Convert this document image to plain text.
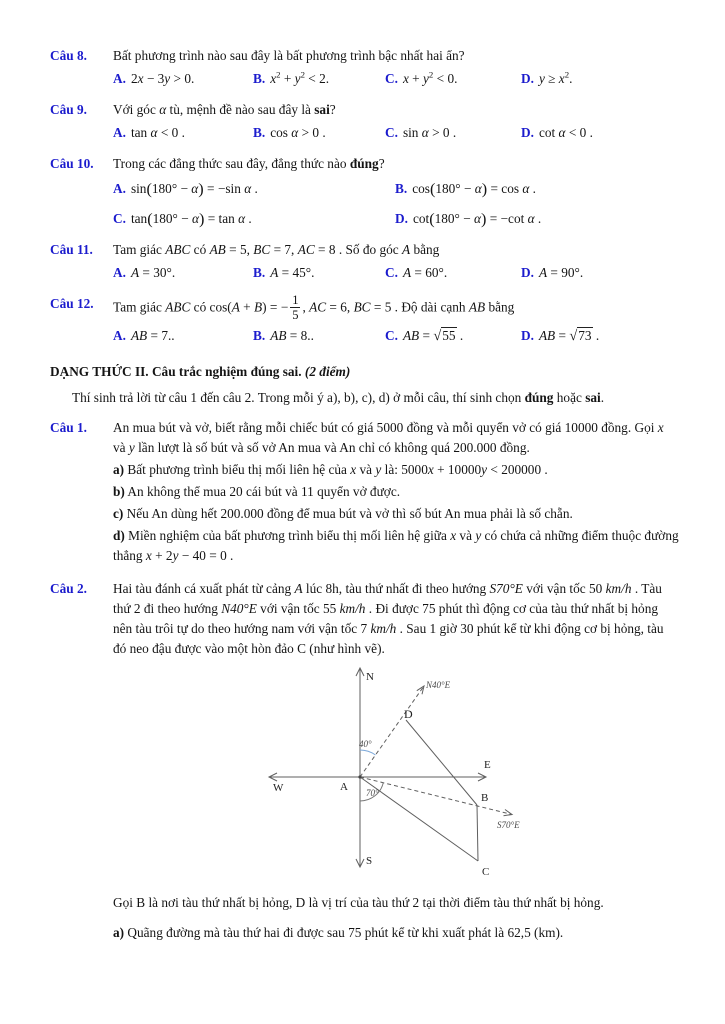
Câu 8.	Bất phương trình nào sau đây là bất phương trình bậc nhất hai ẩn?

A. 2x − 3y > 0.	B. $x^2 + y^2 < 2$.	C. $x + y^2 < 0$.	D. $y \ge x^2$.
Câu 9.	Với góc α tù, mệnh đề nào sau đây là sai?

A. tan α < 0 .	B. cos α > 0 .	C. sin α > 0 .	D. cot α < 0 .
Câu 10.	Trong các đẳng thức sau đây, đẳng thức nào đúng?

A. sin(180° − α) = −sin α .	B. cos(180° − α) = cos α .
C. tan(180° − α) = tan α .	D. cot(180° − α) = −cot α .
Câu 11.	Tam giác ABC có AB = 5, BC = 7, AC = 8 . Số đo góc A bằng

A. A = 30°.	B. A = 45°.	C. A = 60°.	D. A = 90°.
Câu 12.	Tam giác ABC có cos(A + B) = − $\frac{1}{5}$ , AC = 6, BC = 5 . Độ dài cạnh AB bằng

A. AB = 7..	B. AB = 8..	C. AB = √55 .	D. AB = √73 .

DẠNG THỨC II. Câu trắc nghiệm đúng sai. (2 điểm)

Thí sinh trả lời từ câu 1 đến câu 2. Trong mỗi ý a), b), c), d) ở mỗi câu, thí sinh chọn đúng hoặc sai.

Câu 1.	An mua bút và vở, biết rằng mỗi chiếc bút có giá 5000 đồng và mỗi quyển vở có giá 10000 đồng. Gọi x và y lần lượt là số bút và số vở An mua và An chỉ có không quá 200.000 đồng.

a) Bất phương trình biểu thị mối liên hệ của x và y là: 5000x + 10000y < 200000 .

b) An không thể mua 20 cái bút và 11 quyển vở được.

c) Nếu An dùng hết 200.000 đồng để mua bút và vở thì số bút An mua phải là số chẵn.

d) Miền nghiệm của bất phương trình biểu thị mối liên hệ giữa x và y có chứa cả những điểm thuộc đường thẳng x + 2y − 40 = 0 .

Câu 2.	Hai tàu đánh cá xuất phát từ cảng A lúc 8h, tàu thứ nhất đi theo hướng S70°E với vận tốc 50 km/h . Tàu thứ 2 đi theo hướng N40°E với vận tốc 55 km/h . Đi được 75 phút thì động cơ của tàu thứ nhất bị hỏng nên tàu trôi tự do theo hướng nam với vận tốc 7 km/h . Sau 1 giờ 30 phút kể từ khi động cơ bị hỏng, tàu đó neo đậu được vào một hòn đảo C (như hình vẽ).

N
S
E
W	A
B
C
D
40°
70°
N40°E
S70°E

Gọi B là nơi tàu thứ nhất bị hỏng, D là vị trí của tàu thứ 2 tại thời điểm tàu thứ nhất bị hỏng.

a) Quãng đường mà tàu thứ hai đi được sau 75 phút kể từ khi xuất phát là 62,5 (km).
